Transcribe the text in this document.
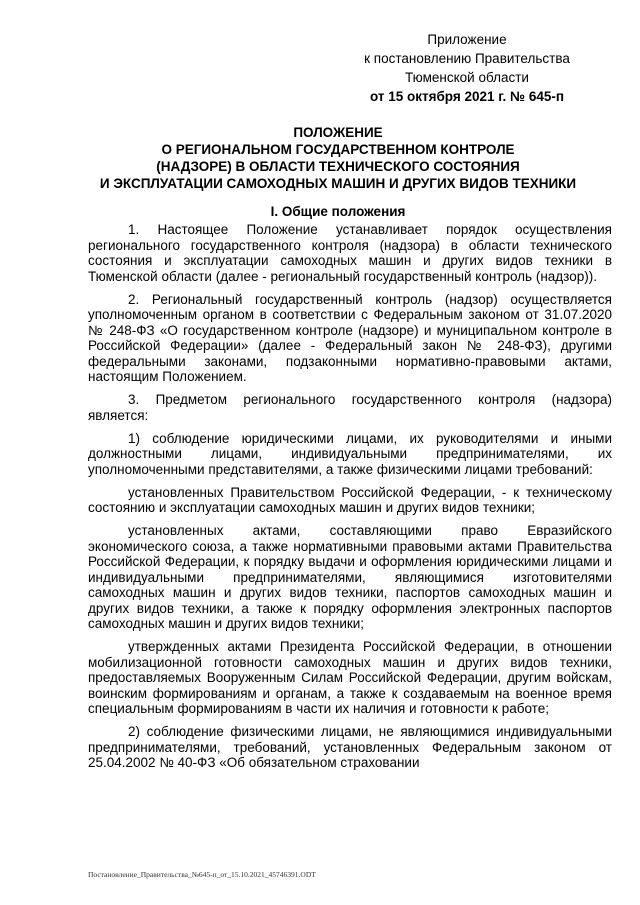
Приложение
к постановлению Правительства
Тюменской области
от 15 октября 2021 г. № 645-п
ПОЛОЖЕНИЕ
О РЕГИОНАЛЬНОМ ГОСУДАРСТВЕННОМ КОНТРОЛЕ
(НАДЗОРЕ) В ОБЛАСТИ ТЕХНИЧЕСКОГО СОСТОЯНИЯ
И ЭКСПЛУАТАЦИИ САМОХОДНЫХ МАШИН И ДРУГИХ ВИДОВ ТЕХНИКИ
I. Общие положения

1. Настоящее Положение устанавливает порядок осуществления регионального государственного контроля (надзора) в области технического состояния и эксплуатации самоходных машин и других видов техники в Тюменской области (далее - региональный государственный контроль (надзор)).

2. Региональный государственный контроль (надзор) осуществляется уполномоченным органом в соответствии с Федеральным законом от 31.07.2020 № 248-ФЗ «О государственном контроле (надзоре) и муниципальном контроле в Российской Федерации» (далее - Федеральный закон № 248-ФЗ), другими федеральными законами, подзаконными нормативно-правовыми актами, настоящим Положением.

3. Предметом регионального государственного контроля (надзора) является:

1) соблюдение юридическими лицами, их руководителями и иными должностными лицами, индивидуальными предпринимателями, их уполномоченными представителями, а также физическими лицами требований:

установленных Правительством Российской Федерации, - к техническому состоянию и эксплуатации самоходных машин и других видов техники;

установленных актами, составляющими право Евразийского экономического союза, а также нормативными правовыми актами Правительства Российской Федерации, к порядку выдачи и оформления юридическими лицами и индивидуальными предпринимателями, являющимися изготовителями самоходных машин и других видов техники, паспортов самоходных машин и других видов техники, а также к порядку оформления электронных паспортов самоходных машин и других видов техники;

утвержденных актами Президента Российской Федерации, в отношении мобилизационной готовности самоходных машин и других видов техники, предоставляемых Вооруженным Силам Российской Федерации, другим войскам, воинским формированиям и органам, а также к создаваемым на военное время специальным формированиям в части их наличия и готовности к работе;

2) соблюдение физическими лицами, не являющимися индивидуальными предпринимателями, требований, установленных Федеральным законом от 25.04.2002 № 40-ФЗ «Об обязательном страховании

Постановление_Правительства_№645-п_от_15.10.2021_45746391.ODT
